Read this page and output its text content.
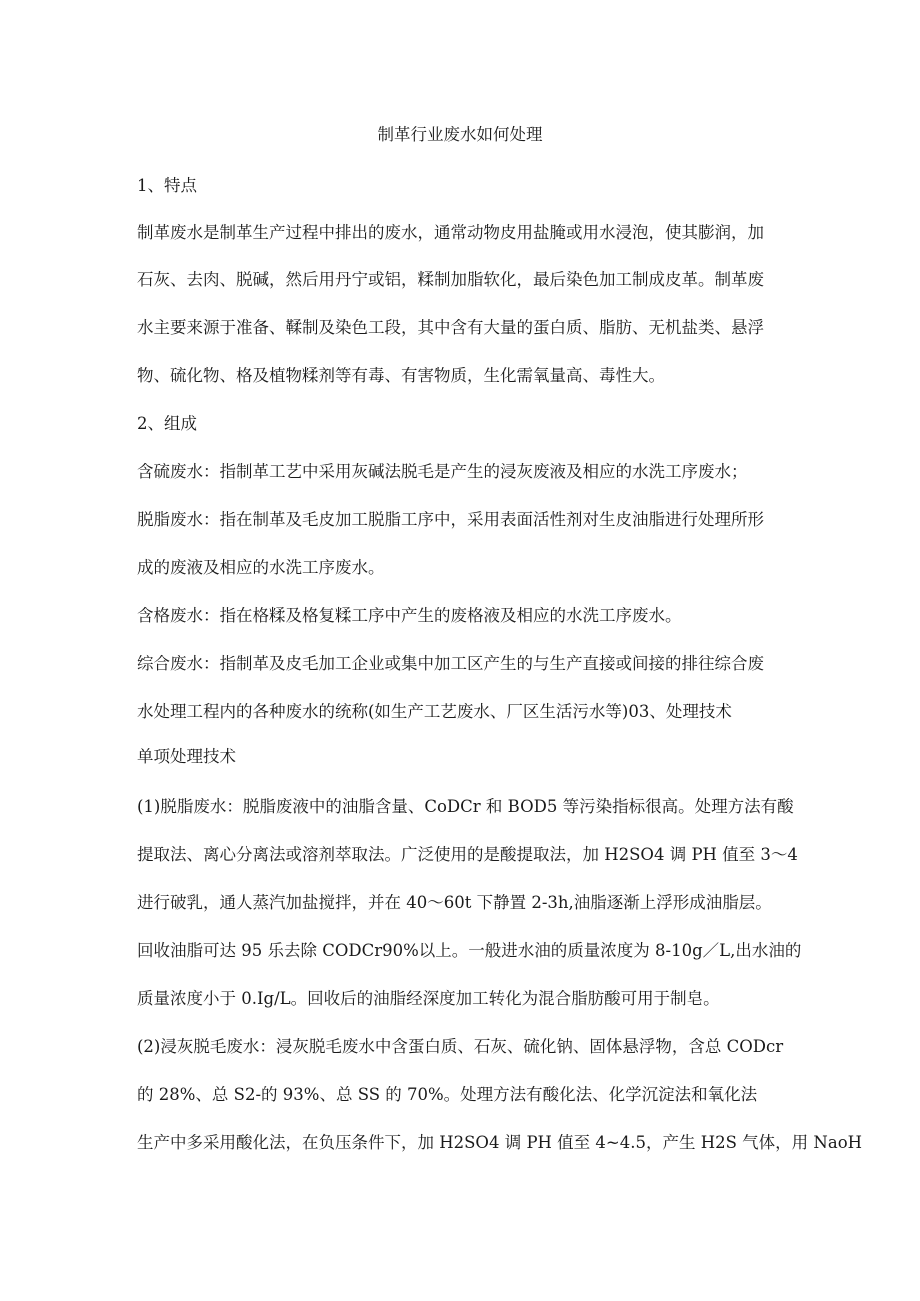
制革行业废水如何处理
1、特点
制革废水是制革生产过程中排出的废水，通常动物皮用盐腌或用水浸泡，使其膨润，加
石灰、去肉、脱碱，然后用丹宁或铝，糅制加脂软化，最后染色加工制成皮革。制革废
水主要来源于准备、鞣制及染色工段，其中含有大量的蛋白质、脂肪、无机盐类、悬浮
物、硫化物、格及植物糅剂等有毒、有害物质，生化需氧量高、毒性大。
2、组成
含硫废水：指制革工艺中采用灰碱法脱毛是产生的浸灰废液及相应的水洗工序废水；
脱脂废水：指在制革及毛皮加工脱脂工序中，采用表面活性剂对生皮油脂进行处理所形
成的废液及相应的水洗工序废水。
含格废水：指在格糅及格复糅工序中产生的废格液及相应的水洗工序废水。
综合废水：指制革及皮毛加工企业或集中加工区产生的与生产直接或间接的排往综合废
水处理工程内的各种废水的统称(如生产工艺废水、厂区生活污水等)03、处理技术
单项处理技术
(1)脱脂废水：脱脂废液中的油脂含量、CoDCr 和 BOD5 等污染指标很高。处理方法有酸
提取法、离心分离法或溶剂萃取法。广泛使用的是酸提取法，加 H2SO4 调 PH 值至 3～4
进行破乳，通人蒸汽加盐搅拌，并在 40～60t 下静置 2-3h,油脂逐渐上浮形成油脂层。
回收油脂可达 95 乐去除 CODCr90%以上。一般进水油的质量浓度为 8-10g／L,出水油的
质量浓度小于 0.Ig/L。回收后的油脂经深度加工转化为混合脂肪酸可用于制皂。
(2)浸灰脱毛废水：浸灰脱毛废水中含蛋白质、石灰、硫化钠、固体悬浮物，含总 CODcr
的 28%、总 S2-的 93%、总 SS 的 70%。处理方法有酸化法、化学沉淀法和氧化法
生产中多采用酸化法，在负压条件下，加 H2SO4 调 PH 值至 4~4.5，产生 H2S 气体，用 NaoH
